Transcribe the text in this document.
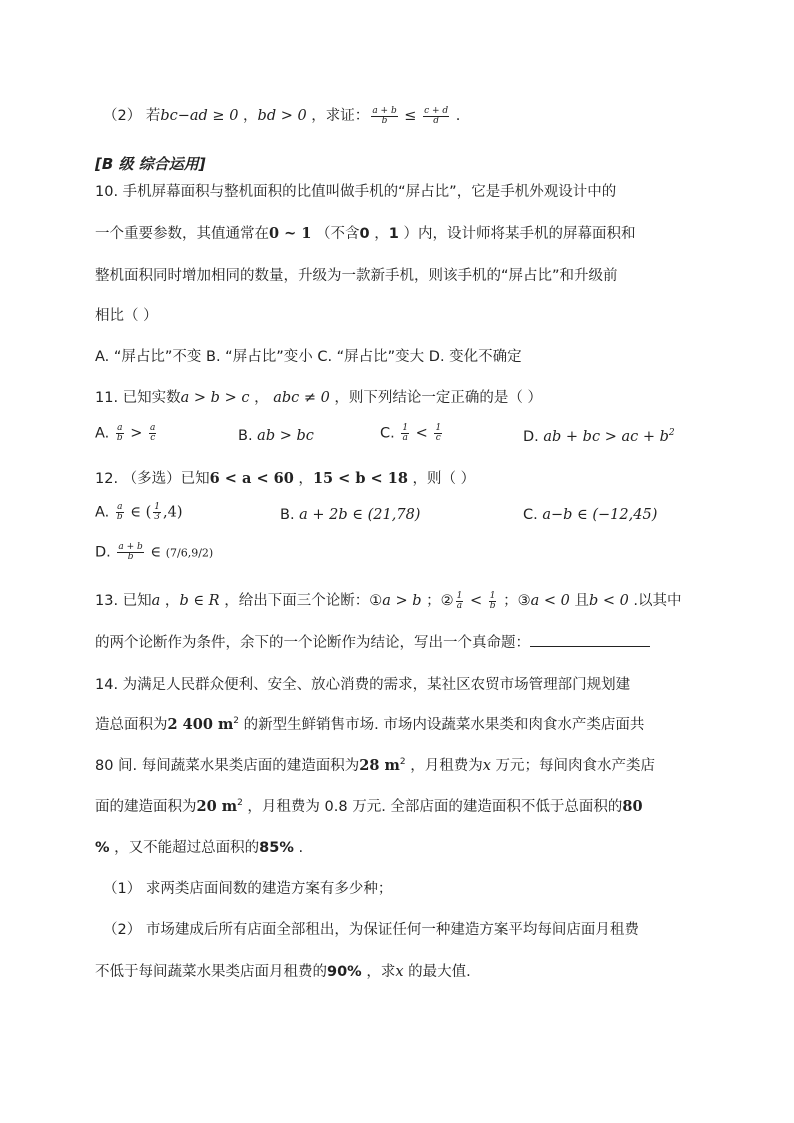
（2） 若bc−ad ≥ 0 ，bd > 0 ，求证： $\frac{a + b}{b} \le \frac{c + d}{d}$ .
[B 级 综合运用]
10. 手机屏幕面积与整机面积的比值叫做手机的“屏占比”，它是手机外观设计中的
一个重要参数，其值通常在0 ~ 1 （不含0 ，1 ）内，设计师将某手机的屏幕面积和
整机面积同时增加相同的数量，升级为一款新手机，则该手机的“屏占比”和升级前
相比（ ）
A. “屏占比”不变 B. “屏占比”变小 C. “屏占比”变大 D. 变化不确定
11. 已知实数a > b > c ， abc ≠ 0 ，则下列结论一定正确的是（ ）
A. $\frac{a}{b} > \frac{a}{c}$	B. ab > bc	C. $\frac{1}{a} < \frac{1}{c}$	D. ab + bc > ac + $b^2$
12. （多选）已知6 < a < 60 ，15 < b < 18 ，则（ ）
A. $\frac{a}{b}$ ∈ ( $\frac{1}{3} ,4$)	B. a + 2b ∈ (21,78)	C. a−b ∈ (−12,45)
D. $\frac{a + b}{b}$ ∈ (7/6,9/2)
13. 已知a ，b ∈ R ，给出下面三个论断：①a > b ；② $\frac{1}{a} < \frac{1}{b}$ ；③a < 0 且b < 0 .以其中
的两个论断作为条件，余下的一个论断作为结论，写出一个真命题：
14. 为满足人民群众便利、安全、放心消费的需求，某社区农贸市场管理部门规划建
造总面积为2 400 $m^2$ 的新型生鲜销售市场. 市场内设蔬菜水果类和肉食水产类店面共
80 间. 每间蔬菜水果类店面的建造面积为28 $m^2$ ，月租费为x 万元；每间肉食水产类店
面的建造面积为20 $m^2$ ，月租费为 0.8 万元. 全部店面的建造面积不低于总面积的80
% ，又不能超过总面积的85% .
（1） 求两类店面间数的建造方案有多少种；
（2） 市场建成后所有店面全部租出，为保证任何一种建造方案平均每间店面月租费
不低于每间蔬菜水果类店面月租费的90% ，求x 的最大值.
